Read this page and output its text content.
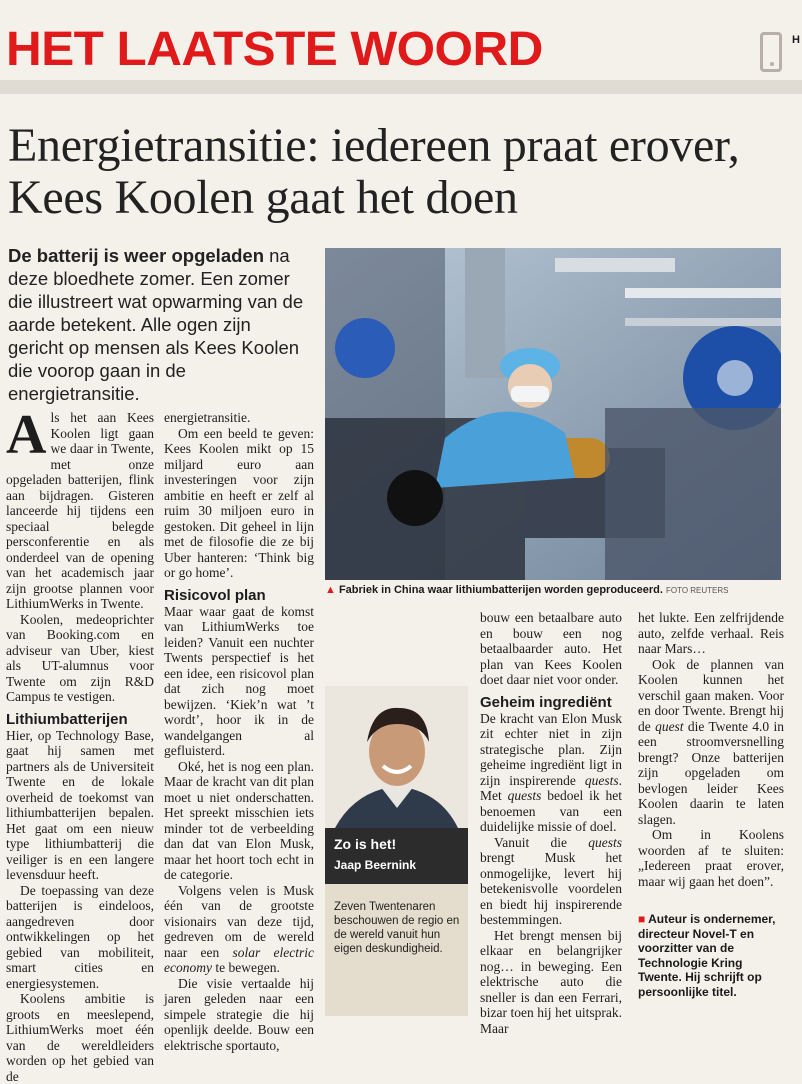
HET LAATSTE WOORD	H
Energietransitie: iedereen praat erover, Kees Koolen gaat het doen
De batterij is weer opgeladen na deze bloedhete zomer. Een zomer die illustreert wat opwarming van de aarde betekent. Alle ogen zijn gericht op mensen als Kees Koolen die voorop gaan in de energietransitie.
▲ Fabriek in China waar lithiumbatterijen worden geproduceerd. FOTO REUTERS

Als het aan Kees Koolen ligt gaan we daar in Twente, met onze opgeladen batterijen, flink aan bijdragen. Gisteren lanceerde hij tijdens een speciaal belegde persconferentie en als onderdeel van de opening van het academisch jaar zijn grootse plannen voor LithiumWerks in Twente.

Koolen, medeoprichter van Booking.com en adviseur van Uber, kiest als UT-alumnus voor Twente om zijn R&D Campus te vestigen.

Lithiumbatterijen

Hier, op Technology Base, gaat hij samen met partners als de Universiteit Twente en de lokale overheid de toekomst van lithiumbatterijen bepalen. Het gaat om een nieuw type lithiumbatterij die veiliger is en een langere levensduur heeft.

De toepassing van deze batterijen is eindeloos, aangedreven door ontwikkelingen op het gebied van mobiliteit, smart cities en energiesystemen.

Koolens ambitie is groots en meeslepend, LithiumWerks moet één van de wereldleiders worden op het gebied van de

energietransitie.

Om een beeld te geven: Kees Koolen mikt op 15 miljard euro aan investeringen voor zijn ambitie en heeft er zelf al ruim 30 miljoen euro in gestoken. Dit geheel in lijn met de filosofie die ze bij Uber hanteren: ‘Think big or go home’.

Risicovol plan

Maar waar gaat de komst van LithiumWerks toe leiden? Vanuit een nuchter Twents perspectief is het een idee, een risicovol plan dat zich nog moet bewijzen. ‘Kiek’n wat ’t wordt’, hoor ik in de wandelgangen al gefluisterd.

Oké, het is nog een plan. Maar de kracht van dit plan moet u niet onderschatten. Het spreekt misschien iets minder tot de verbeelding dan dat van Elon Musk, maar het hoort toch echt in de categorie.

Volgens velen is Musk één van de grootste visionairs van deze tijd, gedreven om de wereld naar een solar electric economy te bewegen.

Die visie vertaalde hij jaren geleden naar een simpele strategie die hij openlijk deelde. Bouw een elektrische sportauto,

Zo is het!
Jaap Beernink
Zeven Twentenaren beschouwen de regio en de wereld vanuit hun eigen deskundigheid.

bouw een betaalbare auto en bouw een nog betaalbaarder auto. Het plan van Kees Koolen doet daar niet voor onder.

Geheim ingrediënt

De kracht van Elon Musk zit echter niet in zijn strategische plan. Zijn geheime ingrediënt ligt in zijn inspirerende quests. Met quests bedoel ik het benoemen van een duidelijke missie of doel.

Vanuit die quests brengt Musk het onmogelijke, levert hij betekenisvolle voordelen en biedt hij inspirerende bestemmingen.

Het brengt mensen bij elkaar en belangrijker nog… in beweging. Een elektrische auto die sneller is dan een Ferrari, bizar toen hij het uitsprak. Maar

het lukte. Een zelfrijdende auto, zelfde verhaal. Reis naar Mars…

Ook de plannen van Koolen kunnen het verschil gaan maken. Voor en door Twente. Brengt hij de quest die Twente 4.0 in een stroomversnelling brengt? Onze batterijen zijn opgeladen om bevlogen leider Kees Koolen daarin te laten slagen.

Om in Koolens woorden af te sluiten: „Iedereen praat erover, maar wij gaan het doen”.

■ Auteur is ondernemer, directeur Novel-T en voorzitter van de Technologie Kring Twente. Hij schrijft op persoonlijke titel.
